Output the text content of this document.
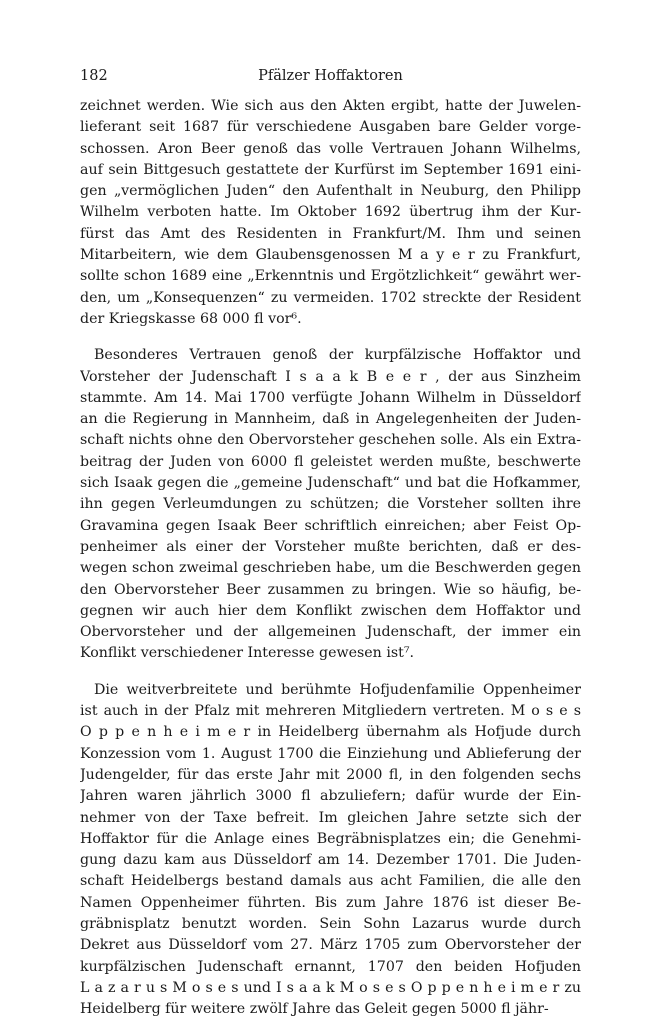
182	Pfälzer Hoffaktoren
zeichnet werden. Wie sich aus den Akten ergibt, hatte der Juwelen-
lieferant seit 1687 für verschiedene Ausgaben bare Gelder vorge-
schossen. Aron Beer genoß das volle Vertrauen Johann Wilhelms,
auf sein Bittgesuch gestattete der Kurfürst im September 1691 eini-
gen „vermöglichen Juden“ den Aufenthalt in Neuburg, den Philipp
Wilhelm verboten hatte. Im Oktober 1692 übertrug ihm der Kur-
fürst das Amt des Residenten in Frankfurt/M. Ihm und seinen
Mitarbeitern, wie dem Glaubensgenossen M a y e r zu Frankfurt,
sollte schon 1689 eine „Erkenntnis und Ergötzlichkeit“ gewährt wer-
den, um „Konsequenzen“ zu vermeiden. 1702 streckte der Resident
der Kriegskasse 68 000 fl vor⁶.
Besonderes Vertrauen genoß der kurpfälzische Hoffaktor und
Vorsteher der Judenschaft I s a a k B e e r , der aus Sinzheim
stammte. Am 14. Mai 1700 verfügte Johann Wilhelm in Düsseldorf
an die Regierung in Mannheim, daß in Angelegenheiten der Juden-
schaft nichts ohne den Obervorsteher geschehen solle. Als ein Extra-
beitrag der Juden von 6000 fl geleistet werden mußte, beschwerte
sich Isaak gegen die „gemeine Judenschaft“ und bat die Hofkammer,
ihn gegen Verleumdungen zu schützen; die Vorsteher sollten ihre
Gravamina gegen Isaak Beer schriftlich einreichen; aber Feist Op-
penheimer als einer der Vorsteher mußte berichten, daß er des-
wegen schon zweimal geschrieben habe, um die Beschwerden gegen
den Obervorsteher Beer zusammen zu bringen. Wie so häufig, be-
gegnen wir auch hier dem Konflikt zwischen dem Hoffaktor und
Obervorsteher und der allgemeinen Judenschaft, der immer ein
Konflikt verschiedener Interesse gewesen ist⁷.
Die weitverbreitete und berühmte Hofjudenfamilie Oppenheimer
ist auch in der Pfalz mit mehreren Mitgliedern vertreten. M o s e s
O p p e n h e i m e r in Heidelberg übernahm als Hofjude durch
Konzession vom 1. August 1700 die Einziehung und Ablieferung der
Judengelder, für das erste Jahr mit 2000 fl, in den folgenden sechs
Jahren waren jährlich 3000 fl abzuliefern; dafür wurde der Ein-
nehmer von der Taxe befreit. Im gleichen Jahre setzte sich der
Hoffaktor für die Anlage eines Begräbnisplatzes ein; die Genehmi-
gung dazu kam aus Düsseldorf am 14. Dezember 1701. Die Juden-
schaft Heidelbergs bestand damals aus acht Familien, die alle den
Namen Oppenheimer führten. Bis zum Jahre 1876 ist dieser Be-
gräbnisplatz benutzt worden. Sein Sohn Lazarus wurde durch
Dekret aus Düsseldorf vom 27. März 1705 zum Obervorsteher der
kurpfälzischen Judenschaft ernannt, 1707 den beiden Hofjuden
L a z a r u s M o s e s und I s a a k M o s e s O p p e n h e i m e r zu
Heidelberg für weitere zwölf Jahre das Geleit gegen 5000 fl jähr-
